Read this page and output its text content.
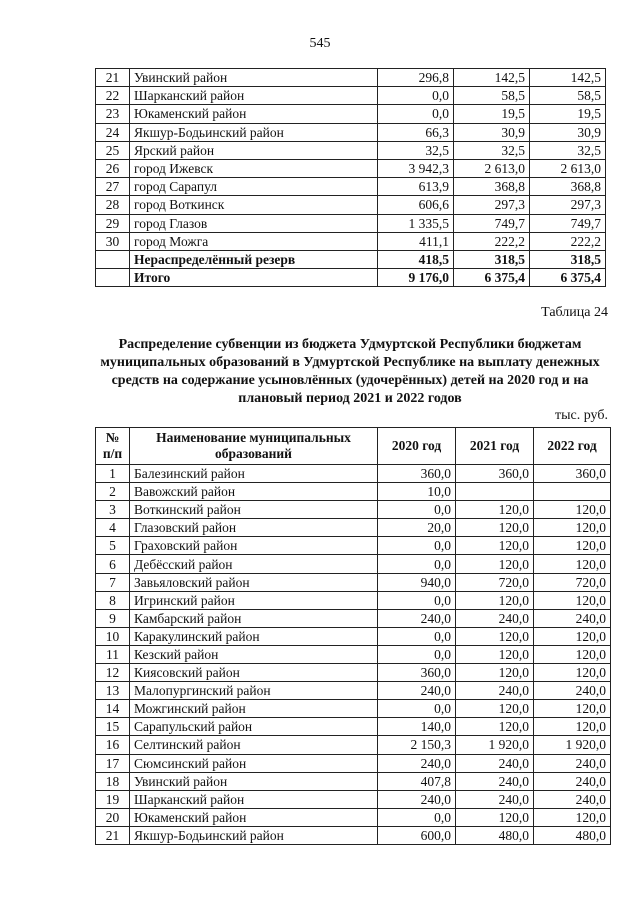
545
21	Увинский район	296,8	142,5	142,5
22	Шарканский район	0,0	58,5	58,5
23	Юкаменский район	0,0	19,5	19,5
24	Якшур-Бодьинский район	66,3	30,9	30,9
25	Ярский район	32,5	32,5	32,5
26	город Ижевск	3 942,3	2 613,0	2 613,0
27	город Сарапул	613,9	368,8	368,8
28	город Воткинск	606,6	297,3	297,3
29	город Глазов	1 335,5	749,7	749,7
30	город Можга	411,1	222,2	222,2
	Нераспределённый резерв	418,5	318,5	318,5
	Итого	9 176,0	6 375,4	6 375,4
Таблица 24
Распределение субвенции из бюджета Удмуртской Республики бюджетам муниципальных образований в Удмуртской Республике на выплату денежных средств на содержание усыновлённых (удочерённых) детей на 2020 год и на плановый период 2021 и 2022 годов
тыс. руб.
№ п/п	Наименование муниципальных образований	2020 год	2021 год	2022 год
1	Балезинский район	360,0	360,0	360,0
2	Вавожский район	10,0		
3	Воткинский район	0,0	120,0	120,0
4	Глазовский район	20,0	120,0	120,0
5	Граховский район	0,0	120,0	120,0
6	Дебёсский район	0,0	120,0	120,0
7	Завьяловский район	940,0	720,0	720,0
8	Игринский район	0,0	120,0	120,0
9	Камбарский район	240,0	240,0	240,0
10	Каракулинский район	0,0	120,0	120,0
11	Кезский район	0,0	120,0	120,0
12	Киясовский район	360,0	120,0	120,0
13	Малопургинский район	240,0	240,0	240,0
14	Можгинский район	0,0	120,0	120,0
15	Сарапульский район	140,0	120,0	120,0
16	Селтинский район	2 150,3	1 920,0	1 920,0
17	Сюмсинский район	240,0	240,0	240,0
18	Увинский район	407,8	240,0	240,0
19	Шарканский район	240,0	240,0	240,0
20	Юкаменский район	0,0	120,0	120,0
21	Якшур-Бодьинский район	600,0	480,0	480,0
